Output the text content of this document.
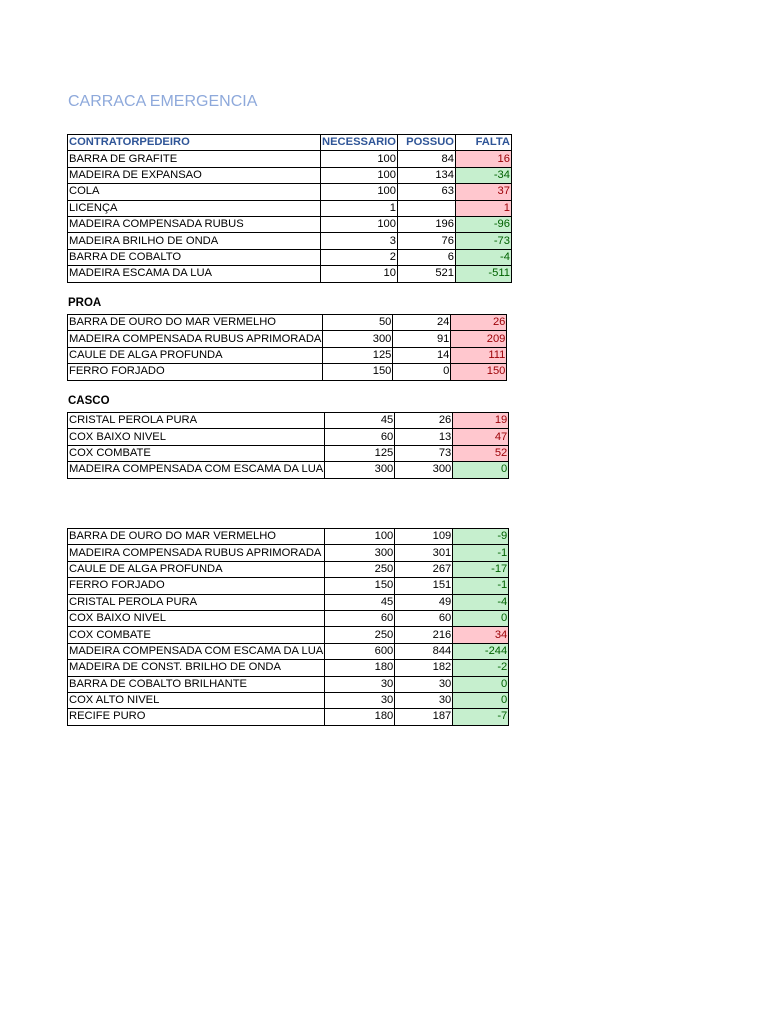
CARRACA EMERGENCIA
CONTRATORPEDEIRO	NECESSARIO	POSSUO	FALTA
BARRA DE GRAFITE	100	84	16
MADEIRA DE EXPANSAO	100	134	-34
COLA	100	63	37
LICENÇA	1		1
MADEIRA COMPENSADA RUBUS	100	196	-96
MADEIRA BRILHO DE ONDA	3	76	-73
BARRA DE COBALTO	2	6	-4
MADEIRA ESCAMA DA LUA	10	521	-511
PROA
BARRA DE OURO DO MAR VERMELHO	50	24	26
MADEIRA COMPENSADA RUBUS APRIMORADA	300	91	209
CAULE DE ALGA PROFUNDA	125	14	111
FERRO FORJADO	150	0	150
CASCO
CRISTAL PEROLA PURA	45	26	19
COX BAIXO NIVEL	60	13	47
COX COMBATE	125	73	52
MADEIRA COMPENSADA COM ESCAMA DA LUA	300	300	0
BARRA DE OURO DO MAR VERMELHO	100	109	-9
MADEIRA COMPENSADA RUBUS APRIMORADA	300	301	-1
CAULE DE ALGA PROFUNDA	250	267	-17
FERRO FORJADO	150	151	-1
CRISTAL PEROLA PURA	45	49	-4
COX BAIXO NIVEL	60	60	0
COX COMBATE	250	216	34
MADEIRA COMPENSADA COM ESCAMA DA LUA	600	844	-244
MADEIRA DE CONST. BRILHO DE ONDA	180	182	-2
BARRA DE COBALTO BRILHANTE	30	30	0
COX ALTO NIVEL	30	30	0
RECIFE PURO	180	187	-7
